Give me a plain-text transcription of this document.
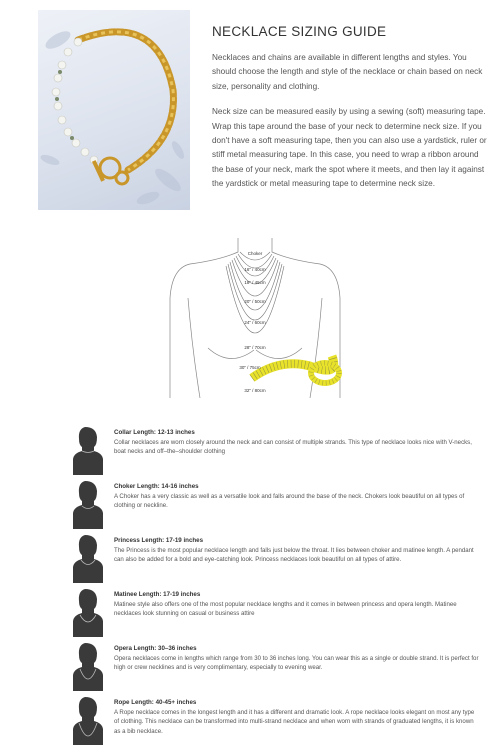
NECKLACE SIZING GUIDE

Necklaces and chains are available in different lengths and styles. You should choose the length and style of the necklace or chain based on neck size, personality and clothing.

Neck size can be measured easily by using a sewing (soft) measuring tape. Wrap this tape around the base of your neck to determine neck size. If you don't have a soft measuring tape, then you can also use a yardstick, ruler or stiff metal measuring tape. In this case, you need to wrap a ribbon around the base of your neck, mark the spot where it meets, and then lay it against the yardstick or metal measuring tape to determine neck size.

Choker
16" / 40cm
18" / 45cm
20" / 50cm
24" / 60cm
28" / 70cm
30" / 75cm
32" / 80cm
Collar Length: 12-13 inches
Collar necklaces are worn closely around the neck and can consist of multiple strands. This type of necklace looks nice with V-necks, boat necks and off–the–shoulder clothing
Choker Length: 14-16 inches
A Choker has a very classic as well as a versatile look and falls around the base of the neck. Chokers look beautiful on all types of clothing or neckline.
Princess Length: 17-19 inches
The Princess is the most popular necklace length and falls just below the throat. It lies between choker and matinee length. A pendant can also be added for a bold and eye-catching look. Princess necklaces look beautiful on all types of attire.
Matinee Length: 17-19 inches
Matinee style also offers one of the most popular necklace lengths and it comes in between princess and opera length. Matinee necklaces look stunning on casual or business attire
Opera Length: 30–36 inches
Opera necklaces come in lengths which range from 30 to 36 inches long. You can wear this as a single or double strand. It is perfect for high or crew necklines and is very complimentary, especially to evening wear.
Rope Length: 40-45+ inches
A Rope necklace comes in the longest length and it has a different and dramatic look. A rope necklace looks elegant on most any type of clothing. This necklace can be transformed into multi-strand necklace and when worn with strands of graduated lengths, it is known as a bib necklace.
